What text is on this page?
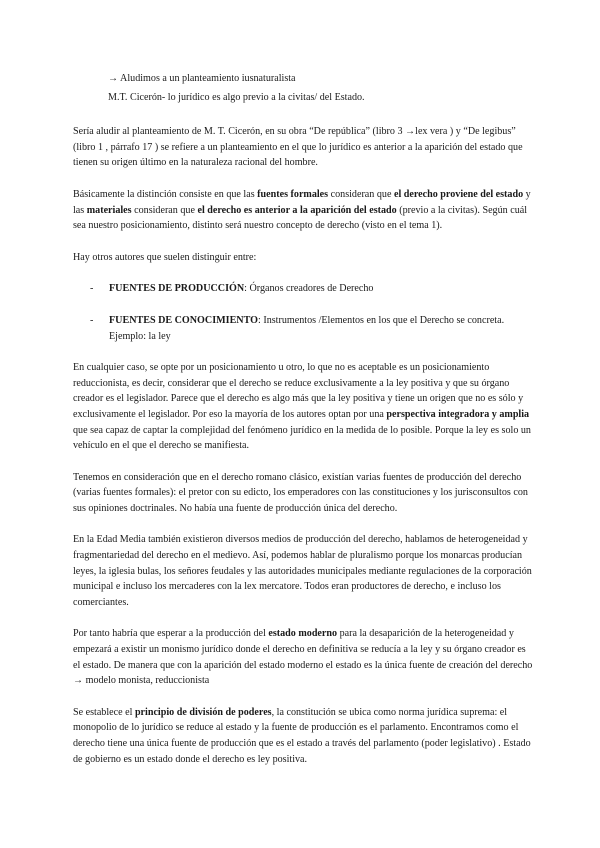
→ Aludimos a un planteamiento iusnaturalista
M.T. Cicerón- lo jurídico es algo previo a la civitas/ del Estado.

Sería aludir al planteamiento de M. T. Cicerón, en su obra “De república” (libro 3 →lex vera ) y “De legibus” (libro 1 , párrafo 17 ) se refiere a un planteamiento en el que lo jurídico es anterior a la aparición del estado que tienen su origen último en la naturaleza racional del hombre.

Básicamente la distinción consiste en que las fuentes formales consideran que el derecho proviene del estado y las materiales consideran que el derecho es anterior a la aparición del estado (previo a la civitas). Según cuál sea nuestro posicionamiento, distinto será nuestro concepto de derecho (visto en el tema 1).

Hay otros autores que suelen distinguir entre:

- FUENTES DE PRODUCCIÓN: Órganos creadores de Derecho
- FUENTES DE CONOCIMIENTO: Instrumentos /Elementos en los que el Derecho se concreta.
Ejemplo: la ley

En cualquier caso, se opte por un posicionamiento u otro, lo que no es aceptable es un posicionamiento reduccionista, es decir, considerar que el derecho se reduce exclusivamente a la ley positiva y que su órgano creador es el legislador. Parece que el derecho es algo más que la ley positiva y tiene un origen que no es sólo y exclusivamente el legislador. Por eso la mayoría de los autores optan por una perspectiva integradora y amplia que sea capaz de captar la complejidad del fenómeno jurídico en la medida de lo posible. Porque la ley es solo un vehículo en el que el derecho se manifiesta.

Tenemos en consideración que en el derecho romano clásico, existían varias fuentes de producción del derecho (varias fuentes formales): el pretor con su edicto, los emperadores con las constituciones y los jurisconsultos con sus opiniones doctrinales. No había una fuente de producción única del derecho.

En la Edad Media también existieron diversos medios de producción del derecho, hablamos de heterogeneidad y fragmentariedad del derecho en el medievo. Así, podemos hablar de pluralismo porque los monarcas producían leyes, la iglesia bulas, los señores feudales y las autoridades municipales mediante regulaciones de la corporación municipal e incluso los mercaderes con la lex mercatore. Todos eran productores de derecho, e incluso los comerciantes.

Por tanto habría que esperar a la producción del estado moderno para la desaparición de la heterogeneidad y empezará a existir un monismo jurídico donde el derecho en definitiva se reducía a la ley y su órgano creador es el estado. De manera que con la aparición del estado moderno el estado es la única fuente de creación del derecho → modelo monista, reduccionista

Se establece el principio de división de poderes, la constitución se ubica como norma jurídica suprema: el monopolio de lo jurídico se reduce al estado y la fuente de producción es el parlamento. Encontramos como el derecho tiene una única fuente de producción que es el estado a través del parlamento (poder legislativo) . Estado de gobierno es un estado donde el derecho es ley positiva.
